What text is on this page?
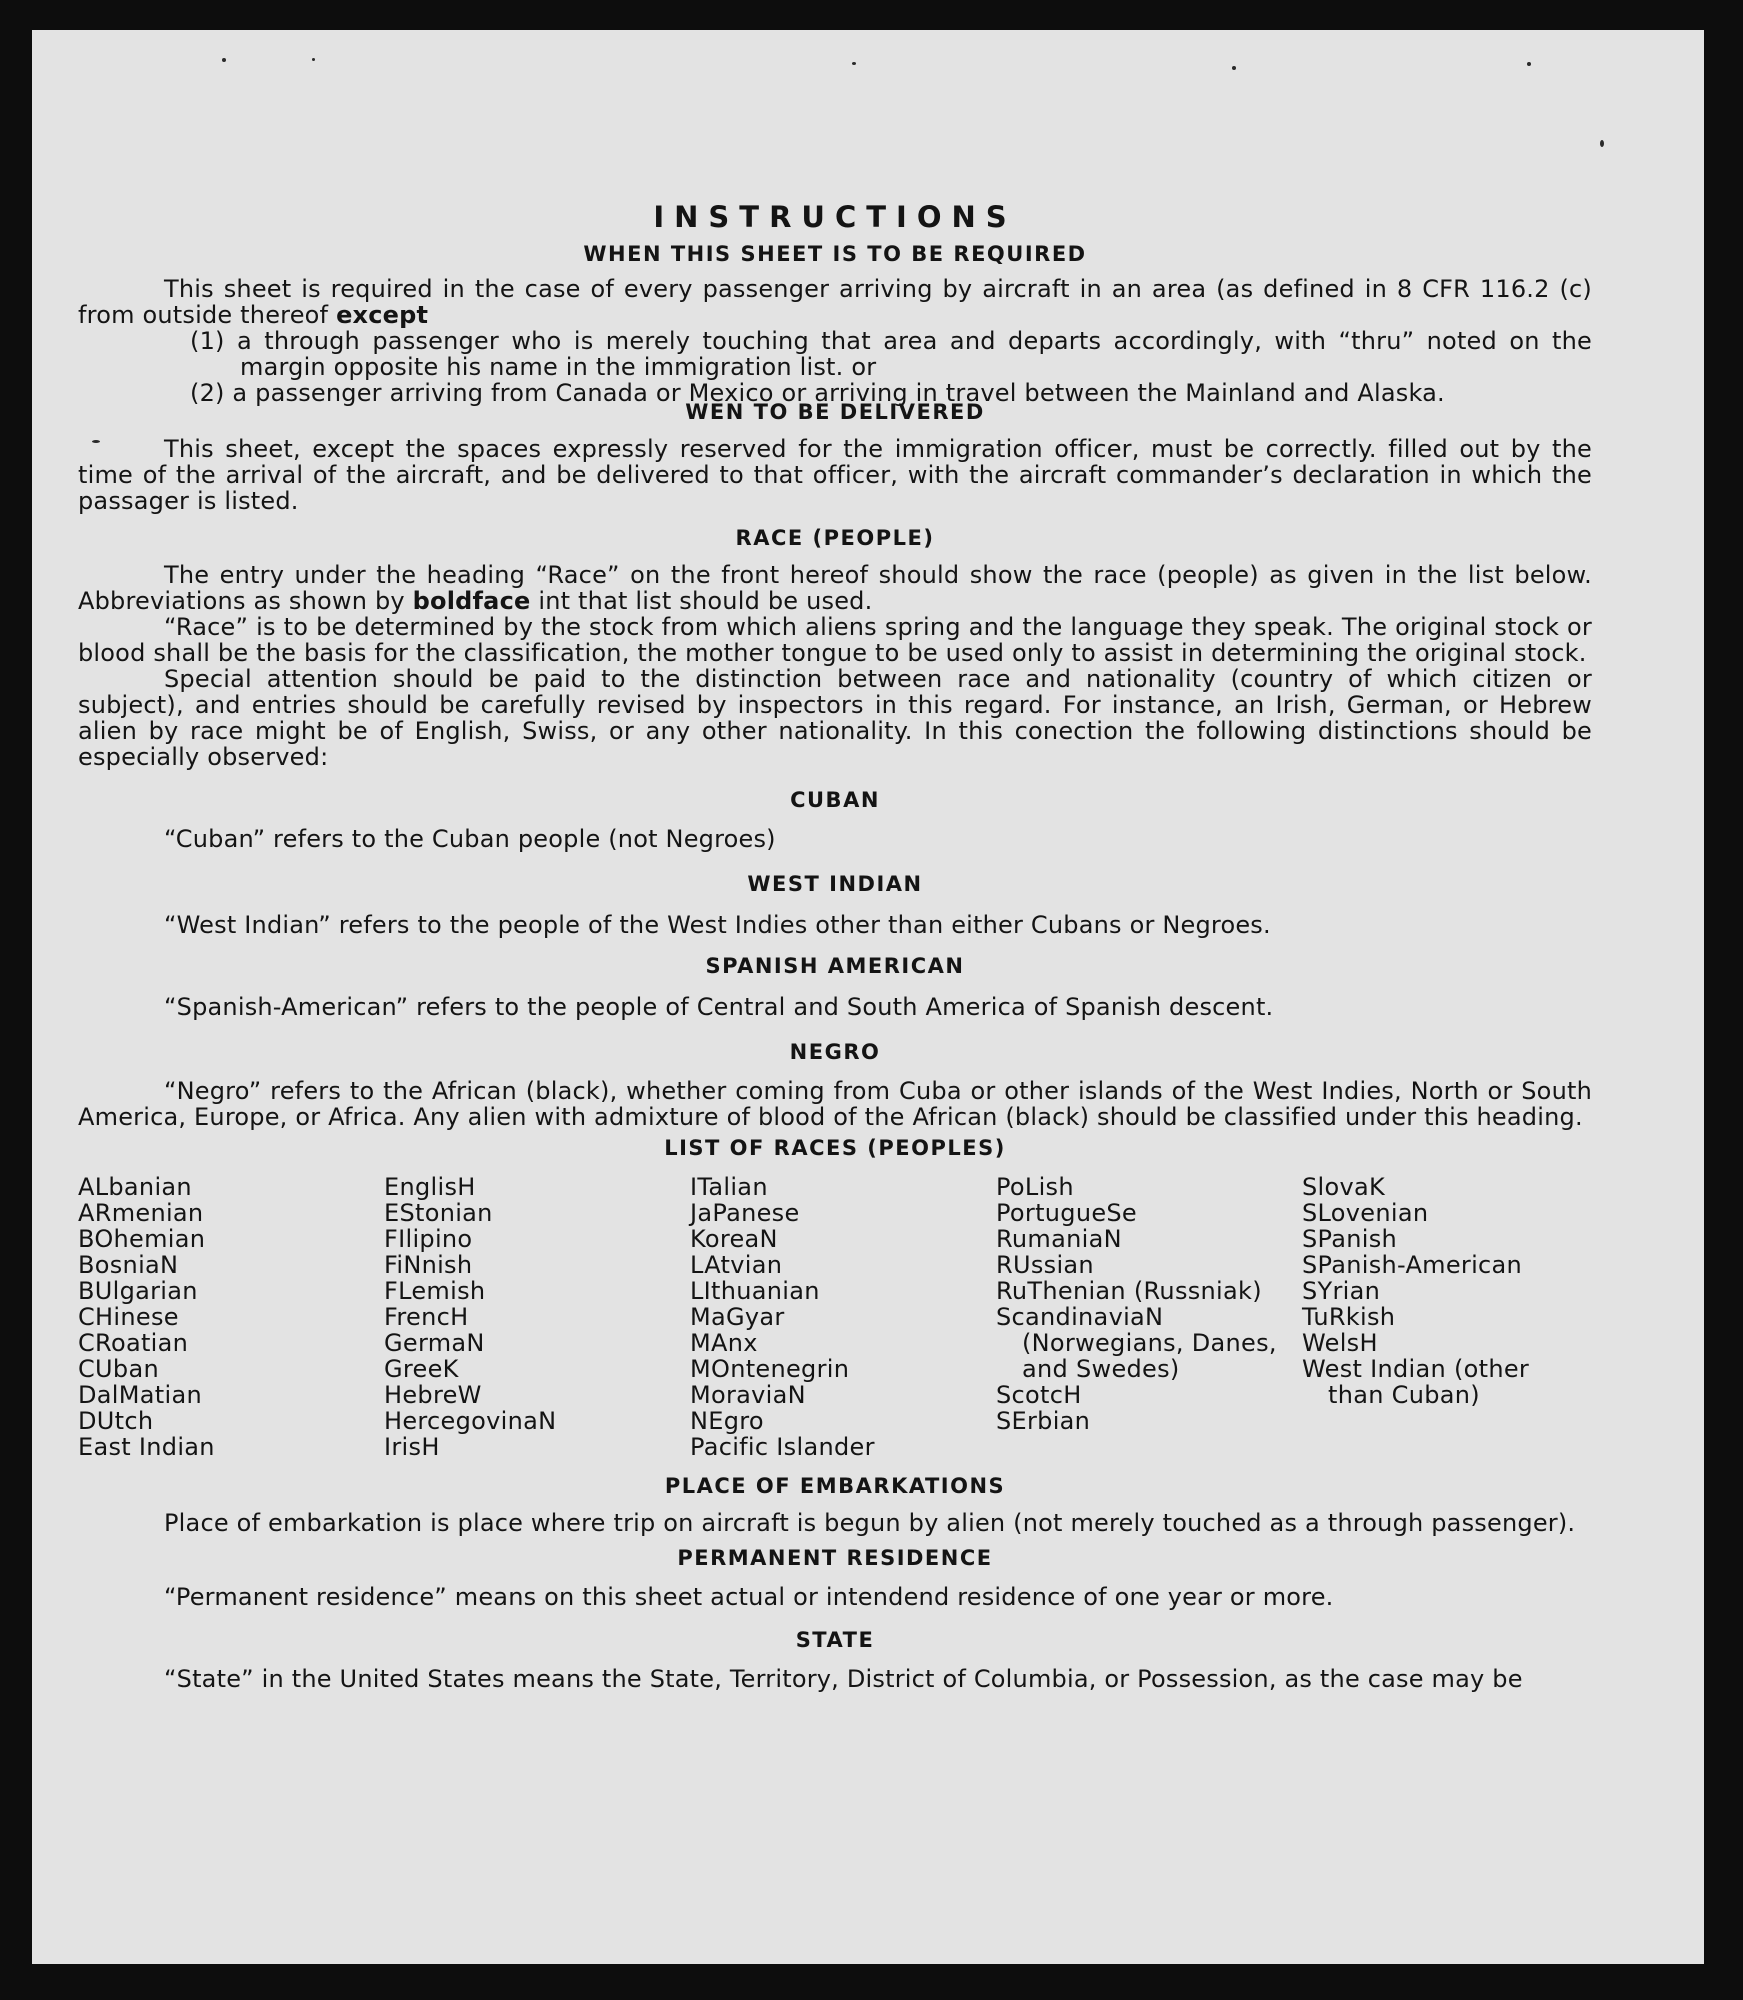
INSTRUCTIONS
WHEN THIS SHEET IS TO BE REQUIRED

This sheet is required in the case of every passenger arriving by aircraft in an area (as defined in 8 CFR 116.2 (c) from outside thereof except

(1) a through passenger who is merely touching that area and departs accordingly, with “thru” noted on the margin opposite his name in the immigration list. or

(2) a passenger arriving from Canada or Mexico or arriving in travel between the Mainland and Alaska.

WEN TO BE DELIVERED

This sheet, except the spaces expressly reserved for the immigration officer, must be correctly. filled out by the time of the arrival of the aircraft, and be delivered to that officer, with the aircraft commander’s declaration in which the passager is listed.

RACE (PEOPLE)

The entry under the heading “Race” on the front hereof should show the race (people) as given in the list below. Abbreviations as shown by boldface int that list should be used.

“Race” is to be determined by the stock from which aliens spring and the language they speak. The original stock or blood shall be the basis for the classification, the mother tongue to be used only to assist in determining the original stock.

Special attention should be paid to the distinction between race and nationality (country of which citizen or subject), and entries should be carefully revised by inspectors in this regard. For instance, an Irish, German, or Hebrew alien by race might be of English, Swiss, or any other nationality. In this conection the following distinctions should be especially observed:

CUBAN

“Cuban” refers to the Cuban people (not Negroes)

WEST INDIAN

“West Indian” refers to the people of the West Indies other than either Cubans or Negroes.

SPANISH AMERICAN

“Spanish-American” refers to the people of Central and South America of Spanish descent.

NEGRO

“Negro” refers to the African (black), whether coming from Cuba or other islands of the West Indies, North or South America, Europe, or Africa. Any alien with admixture of blood of the African (black) should be classified under this heading.

LIST OF RACES (PEOPLES)

ALbanian

ARmenian

BOhemian

BosniaN

BUlgarian

CHinese

CRoatian

CUban

DalMatian

DUtch

East Indian

EnglisH

EStonian

FIlipino

FiNnish

FLemish

FrencH

GermaN

GreeK

HebreW

HercegovinaN

IrisH

ITalian

JaPanese

KoreaN

LAtvian

LIthuanian

MaGyar

MAnx

MOntenegrin

MoraviaN

NEgro

Pacific Islander

PoLish

PortugueSe

RumaniaN

RUssian

RuThenian (Russniak)

ScandinaviaN (Norwegians, Danes, and Swedes)

ScotcH

SErbian

SlovaK

SLovenian

SPanish

SPanish-American

SYrian

TuRkish

WelsH

West Indian (other than Cuban)

PLACE OF EMBARKATIONS

Place of embarkation is place where trip on aircraft is begun by alien (not merely touched as a through passenger).

PERMANENT RESIDENCE

“Permanent residence” means on this sheet actual or intendend residence of one year or more.

STATE

“State” in the United States means the State, Territory, District of Columbia, or Possession, as the case may be
